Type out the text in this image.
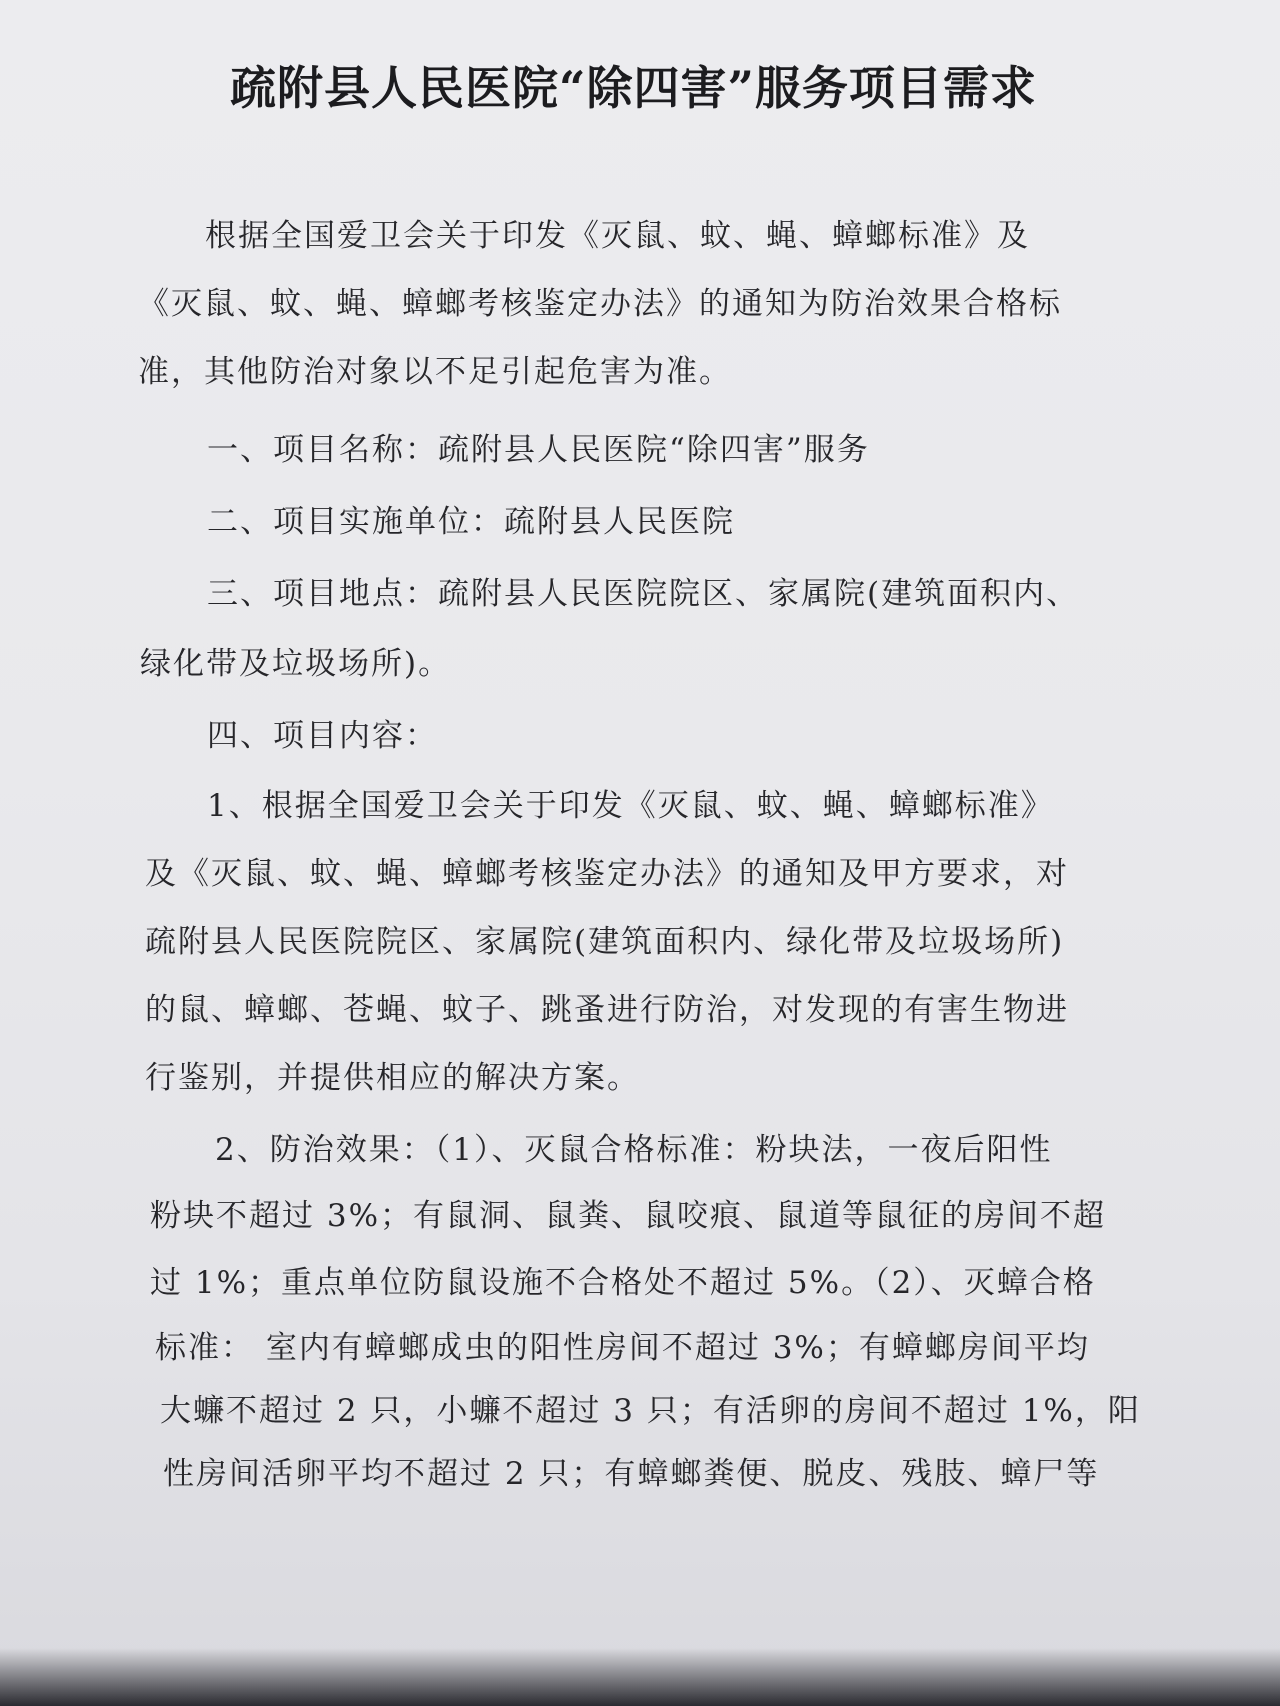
疏附县人民医院“除四害”服务项目需求
根据全国爱卫会关于印发《灭鼠、蚊、蝇、蟑螂标准》及
《灭鼠、蚊、蝇、蟑螂考核鉴定办法》的通知为防治效果合格标
准，其他防治对象以不足引起危害为准。
一、项目名称：疏附县人民医院“除四害”服务
二、项目实施单位：疏附县人民医院
三、项目地点：疏附县人民医院院区、家属院(建筑面积内、
绿化带及垃圾场所)。
四、项目内容：
1、根据全国爱卫会关于印发《灭鼠、蚊、蝇、蟑螂标准》
及《灭鼠、蚊、蝇、蟑螂考核鉴定办法》的通知及甲方要求，对
疏附县人民医院院区、家属院(建筑面积内、绿化带及垃圾场所)
的鼠、蟑螂、苍蝇、蚊子、跳蚤进行防治，对发现的有害生物进
行鉴别，并提供相应的解决方案。
2、防治效果：（1）、灭鼠合格标准：粉块法，一夜后阳性
粉块不超过 3%；有鼠洞、鼠粪、鼠咬痕、鼠道等鼠征的房间不超
过 1%；重点单位防鼠设施不合格处不超过 5%。（2）、灭蟑合格
标准： 室内有蟑螂成虫的阳性房间不超过 3%；有蟑螂房间平均
大蠊不超过 2 只，小蠊不超过 3 只；有活卵的房间不超过 1%，阳
性房间活卵平均不超过 2 只；有蟑螂粪便、脱皮、残肢、蟑尸等
